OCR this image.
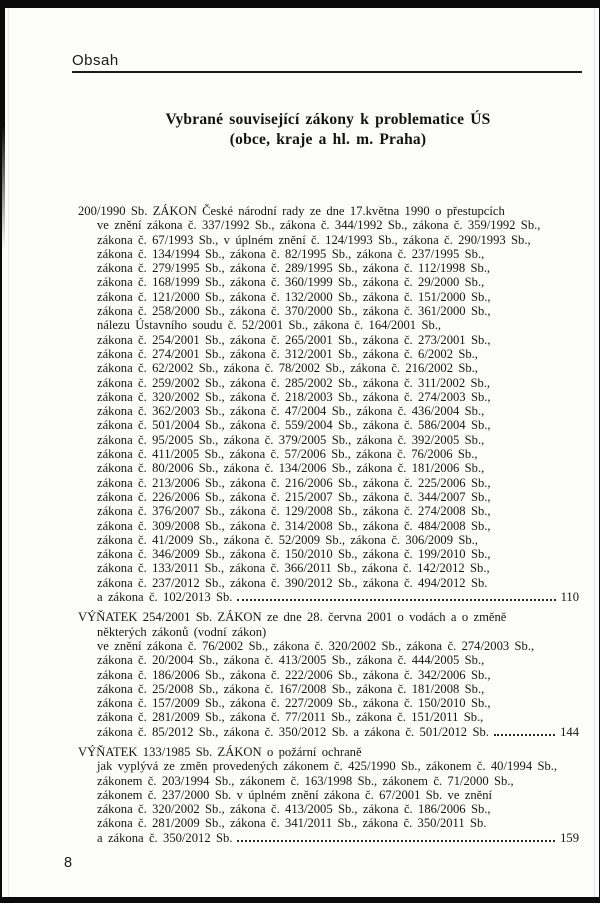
Obsah
Vybrané související zákony k problematice ÚS
(obce, kraje a hl. m. Praha)
200/1990 Sb. ZÁKON České národní rady ze dne 17.května 1990 o přestupcích
ve znění zákona č. 337/1992 Sb., zákona č. 344/1992 Sb., zákona č. 359/1992 Sb.,
zákona č. 67/1993 Sb., v úplném znění č. 124/1993 Sb., zákona č. 290/1993 Sb.,
zákona č. 134/1994 Sb., zákona č. 82/1995 Sb., zákona č. 237/1995 Sb.,
zákona č. 279/1995 Sb., zákona č. 289/1995 Sb., zákona č. 112/1998 Sb.,
zákona č. 168/1999 Sb., zákona č. 360/1999 Sb., zákona č. 29/2000 Sb.,
zákona č. 121/2000 Sb., zákona č. 132/2000 Sb., zákona č. 151/2000 Sb.,
zákona č. 258/2000 Sb., zákona č. 370/2000 Sb., zákona č. 361/2000 Sb.,
nálezu Ústavního soudu č. 52/2001 Sb., zákona č. 164/2001 Sb.,
zákona č. 254/2001 Sb., zákona č. 265/2001 Sb., zákona č. 273/2001 Sb.,
zákona č. 274/2001 Sb., zákona č. 312/2001 Sb., zákona č. 6/2002 Sb.,
zákona č. 62/2002 Sb., zákona č. 78/2002 Sb., zákona č. 216/2002 Sb.,
zákona č. 259/2002 Sb., zákona č. 285/2002 Sb., zákona č. 311/2002 Sb.,
zákona č. 320/2002 Sb., zákona č. 218/2003 Sb., zákona č. 274/2003 Sb.,
zákona č. 362/2003 Sb., zákona č. 47/2004 Sb., zákona č. 436/2004 Sb.,
zákona č. 501/2004 Sb., zákona č. 559/2004 Sb., zákona č. 586/2004 Sb.,
zákona č. 95/2005 Sb., zákona č. 379/2005 Sb., zákona č. 392/2005 Sb.,
zákona č. 411/2005 Sb., zákona č. 57/2006 Sb., zákona č. 76/2006 Sb.,
zákona č. 80/2006 Sb., zákona č. 134/2006 Sb., zákona č. 181/2006 Sb.,
zákona č. 213/2006 Sb., zákona č. 216/2006 Sb., zákona č. 225/2006 Sb.,
zákona č. 226/2006 Sb., zákona č. 215/2007 Sb., zákona č. 344/2007 Sb.,
zákona č. 376/2007 Sb., zákona č. 129/2008 Sb., zákona č. 274/2008 Sb.,
zákona č. 309/2008 Sb., zákona č. 314/2008 Sb., zákona č. 484/2008 Sb.,
zákona č. 41/2009 Sb., zákona č. 52/2009 Sb., zákona č. 306/2009 Sb.,
zákona č. 346/2009 Sb., zákona č. 150/2010 Sb., zákona č. 199/2010 Sb.,
zákona č. 133/2011 Sb., zákona č. 366/2011 Sb., zákona č. 142/2012 Sb.,
zákona č. 237/2012 Sb., zákona č. 390/2012 Sb., zákona č. 494/2012 Sb.
a zákona č. 102/2013 Sb.	110
VÝŇATEK 254/2001 Sb. ZÁKON ze dne 28. června 2001 o vodách a o změně
některých zákonů (vodní zákon)
ve znění zákona č. 76/2002 Sb., zákona č. 320/2002 Sb., zákona č. 274/2003 Sb.,
zákona č. 20/2004 Sb., zákona č. 413/2005 Sb., zákona č. 444/2005 Sb.,
zákona č. 186/2006 Sb., zákona č. 222/2006 Sb., zákona č. 342/2006 Sb.,
zákona č. 25/2008 Sb., zákona č. 167/2008 Sb., zákona č. 181/2008 Sb.,
zákona č. 157/2009 Sb., zákona č. 227/2009 Sb., zákona č. 150/2010 Sb.,
zákona č. 281/2009 Sb., zákona č. 77/2011 Sb., zákona č. 151/2011 Sb.,
zákona č. 85/2012 Sb., zákona č. 350/2012 Sb. a zákona č. 501/2012 Sb.	144
VÝŇATEK 133/1985 Sb. ZÁKON o požární ochraně
jak vyplývá ze změn provedených zákonem č. 425/1990 Sb., zákonem č. 40/1994 Sb.,
zákonem č. 203/1994 Sb., zákonem č. 163/1998 Sb., zákonem č. 71/2000 Sb.,
zákonem č. 237/2000 Sb. v úplném znění zákona č. 67/2001 Sb. ve znění
zákona č. 320/2002 Sb., zákona č. 413/2005 Sb., zákona č. 186/2006 Sb.,
zákona č. 281/2009 Sb., zákona č. 341/2011 Sb., zákona č. 350/2011 Sb.
a zákona č. 350/2012 Sb.	159
8
